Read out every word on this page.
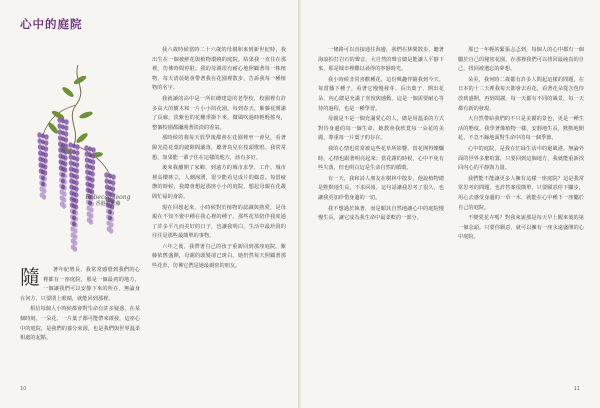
心中的庭院
Rebecca Jeong
香港的紫藤

我六歲時候當時二十六歲的母親和來到新世紀時，我出生在一個被鮮花與植物環繞的庭院。結果我一直住在那裡，彷彿時間停駐。我的母親很有耐心地照顧著每一株植物，每天清晨她會帶著我在花園裡散步，告訴我每一種植物的名字。

我就讀的高中是一所紅磚建造的老學校，校園裡有許多高大的樹木和一片小小的花園。每到春天，紫藤花開滿了長廊，淡紫色的花穗垂掛下來，微風吹過時輕輕搖曳，整個校園都瀰漫著淡淡的香氣。

那時候的我每天放學後都會在花園裡坐一會兒，看著陽光從花葉的縫隙間灑落，聽著鳥兒在枝頭歌唱。我常常想，如果能一輩子住在這樣的地方，該有多好。

後來我離開了家鄉，到遠方的城市求學、工作。城市裡高樓林立，人潮洶湧，很少能看見成片的綠意。每當疲憊的時候，我總會想起那座小小的庭院，想起母親在花叢間忙碌的身影。

現在回想起來，小時候對於植物的認識與熱愛，是母親在不知不覺中種在我心裡的種子。那些花草陪伴我度過了許多平凡而美好的日子，也讓我明白，生活中最珍貴的往往是那些最簡單的事物。

六年之後，我帶著自己的孩子重新回到那座庭院。紫藤依舊盛開，母親的頭髮卻已斑白。她仍然每天照顧著那些花草，彷彿它們是她最親密的朋友。

隨	著年紀增長，我常常感覺到我們的心裡都有一座庭院，那是一個最初的地方，一個讓我們可以安靜下來的所在。無論身在何方，只要閉上眼睛，就能回到那裡。

相信每個人小時候都會對生命有許多疑惑，在某個時刻，一朵花、一片葉子都可能帶來啟發。這座心中的庭院，是我們的養分來源，也是我們與世界溫柔相處的起點。

10

一條路可以直接通往海邊，我們在林間散步，聽著海浪拍打岩石的聲音。大自然的聲音總是能讓人平靜下來，那是城市裡難以尋得的寧靜時光。

我小時候非常喜歡種花，這份興趣伴隨我到今天。每當播下種子，看著它慢慢發芽、長出葉子、開出花朵，內心總是充滿了喜悅與感動。這是一個需要耐心等待的過程，也是一種學習。

母親是不是一個充滿愛心的人，總是用溫柔的方式對待身邊的每一個生命。她教會我欣賞每一朵花的美麗，尊重每一片葉子的存在。

我的心情也常常被這些花草所影響。當花開得燦爛時，心情也跟著明亮起來；當花謝的時候，心中不免有些失落，但也明白這是生命自然的循環。

有一天，我和詩人朋友在樹林中散步，他說植物總是默默地生長，不求回報。這句話讓我思考了很久，也讓我更加珍惜身邊的一切。

我不想過於執著，而是順其自然地讓心中的庭院慢慢生長，讓它成為我生命中最柔軟的一部分。

那已一年輕的緊張忐忑到，每個人的心中都有一個屬於自己的秘密花園，在那裡我們可以找回最純真的自己，找回被遺忘的夢想。

朵美，我何時二歲都有許多人問起這樣的問題，在日本的十二天裡我每天都會去看花，看著花朵從含苞待放到盛開，再到凋謝。每一天都有不同的風景，每一天都有新的發現。

大自然帶給我們的不只是美麗的景色，更是一種生活的態度。我學著像植物一樣，安靜地生長，默默地開花，不急不躁地面對生命中的每一個季節。

心中的庭院，是我在忙碌生活中的避風港。無論外面的世界多麼喧囂，只要回到這個地方，我就能重新找回內心的平靜與力量。

我們能不能讓更多人擁有這樣一座庭院？這是我常常思考的問題。也許答案很簡單，只要願意停下腳步，用心去感受身邊的一草一木，就能在心中種下一座屬於自己的庭院。

不變愛花卉嗎？對我來說那是每天早上醒來後的第一個念頭。只要你願意，就可以擁有一座永遠盛開的心中庭院。

11
